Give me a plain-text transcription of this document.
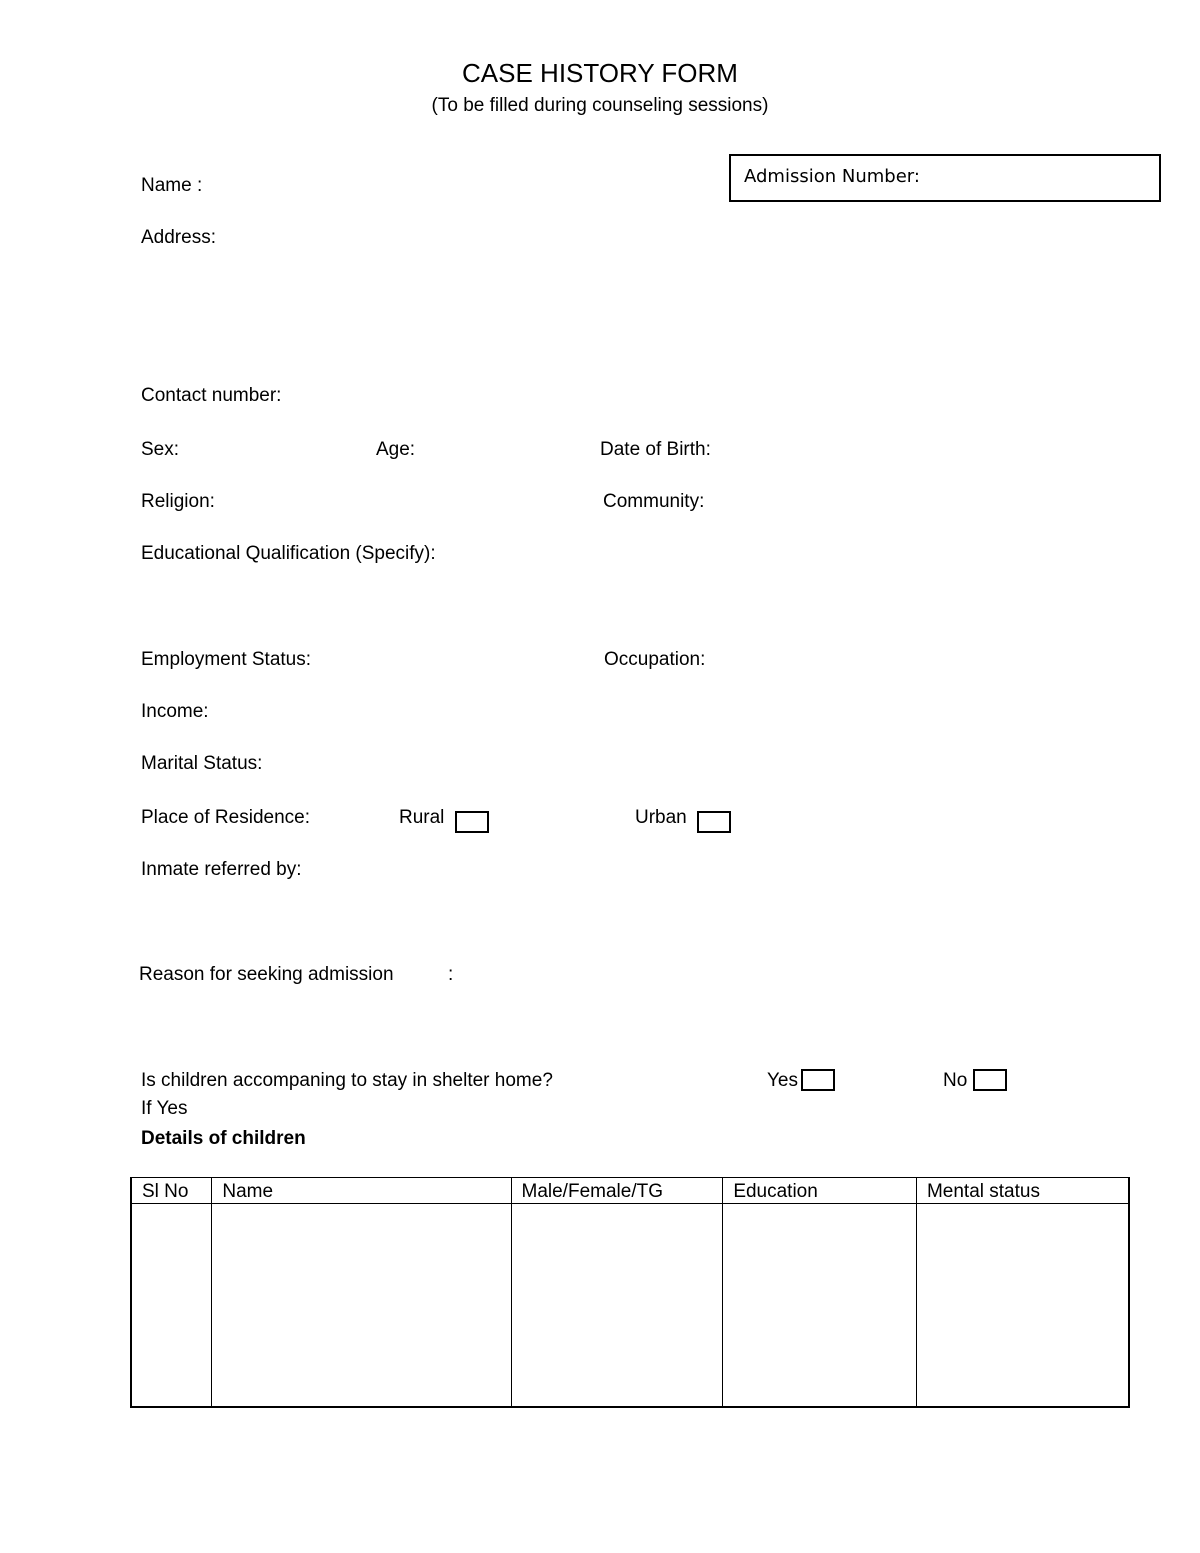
CASE HISTORY FORM
(To be filled during counseling sessions)
Admission Number:
Name :
Address:
Contact number:
Sex:	Age:	Date of Birth:
Religion:	Community:
Educational Qualification (Specify):
Employment Status:	Occupation:
Income:
Marital Status:
Place of Residence:	Rural	Urban
Inmate referred by:
Reason for seeking admission	:
Is children accompaning to stay in shelter home?	Yes	No
If Yes
Details of children
Sl No	Name	Male/Female/TG	Education	Mental status
